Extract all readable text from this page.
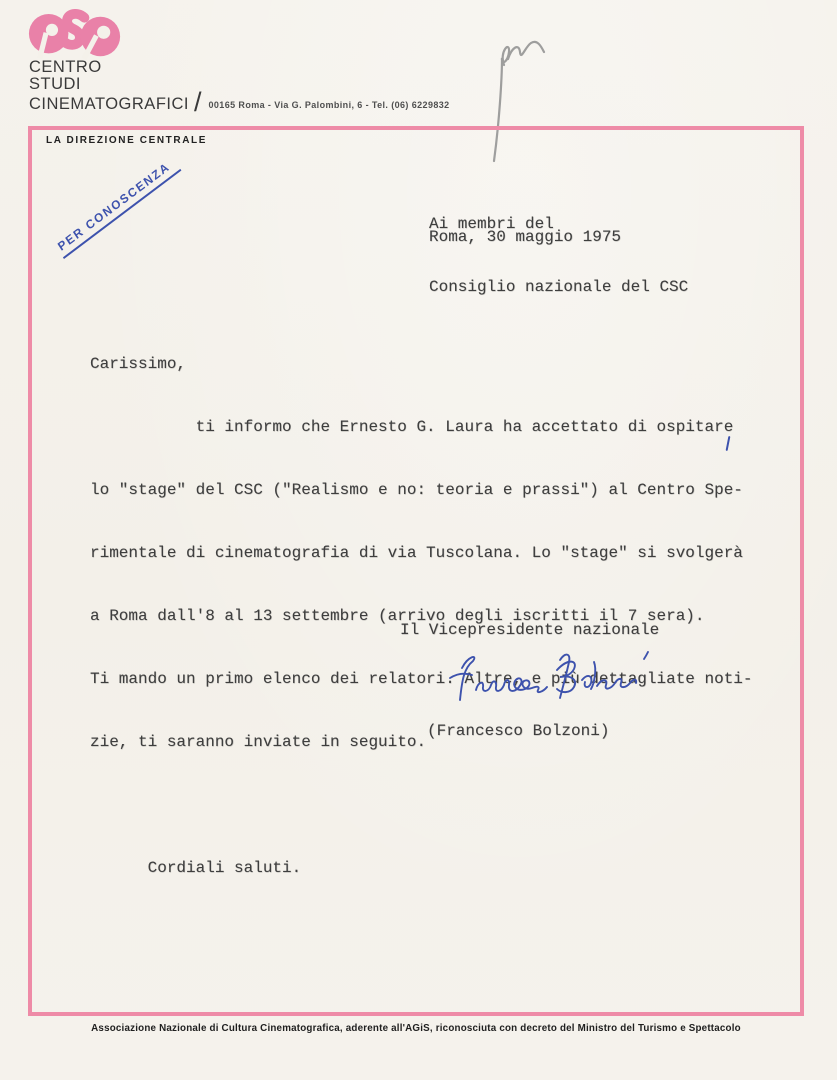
CENTRO
STUDI
CINEMATOGRAFICI / 00165 Roma - Via G. Palombini, 6 - Tel. (06) 6229832
LA DIREZIONE CENTRALE
PER CONOSCENZA

	Ai membri del

Consiglio nazionale del CSC

Roma, 30 maggio 1975

Carissimo,

ti informo che Ernesto G. Laura ha accettato di ospitare

lo "stage" del CSC ("Realismo e no: teoria e prassi") al Centro Spe-

rimentale di cinematografia di via Tuscolana. Lo "stage" si svolgerà

a Roma dall'8 al 13 settembre (arrivo degli iscritti il 7 sera).

Ti mando un primo elenco dei relatori. Altre, e più dettagliate noti-

zie, ti saranno inviate in seguito.

Cordiali saluti.

Il Vicepresidente nazionale
(Francesco Bolzoni)
Associazione Nazionale di Cultura Cinematografica, aderente all'AGiS, riconosciuta con decreto del Ministro del Turismo e Spettacolo
